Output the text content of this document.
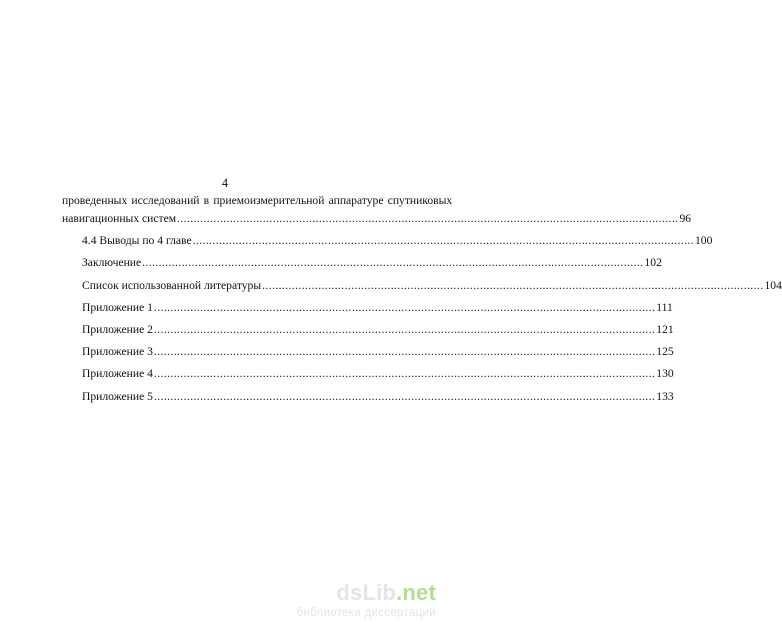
4
проведенных исследований в приемоизмерительной аппаратуре спутниковых
навигационных систем ........................................................................................................................................................ 96
4.4 Выводы по 4 главе ........................................................................................................................................................ 100
Заключение ........................................................................................................................................................ 102
Список использованной литературы ........................................................................................................................................................ 104
Приложение 1 ........................................................................................................................................................ 111
Приложение 2 ........................................................................................................................................................ 121
Приложение 3 ........................................................................................................................................................ 125
Приложение 4 ........................................................................................................................................................ 130
Приложение 5 ........................................................................................................................................................ 133
dsLib.net
библиотека диссертаций
